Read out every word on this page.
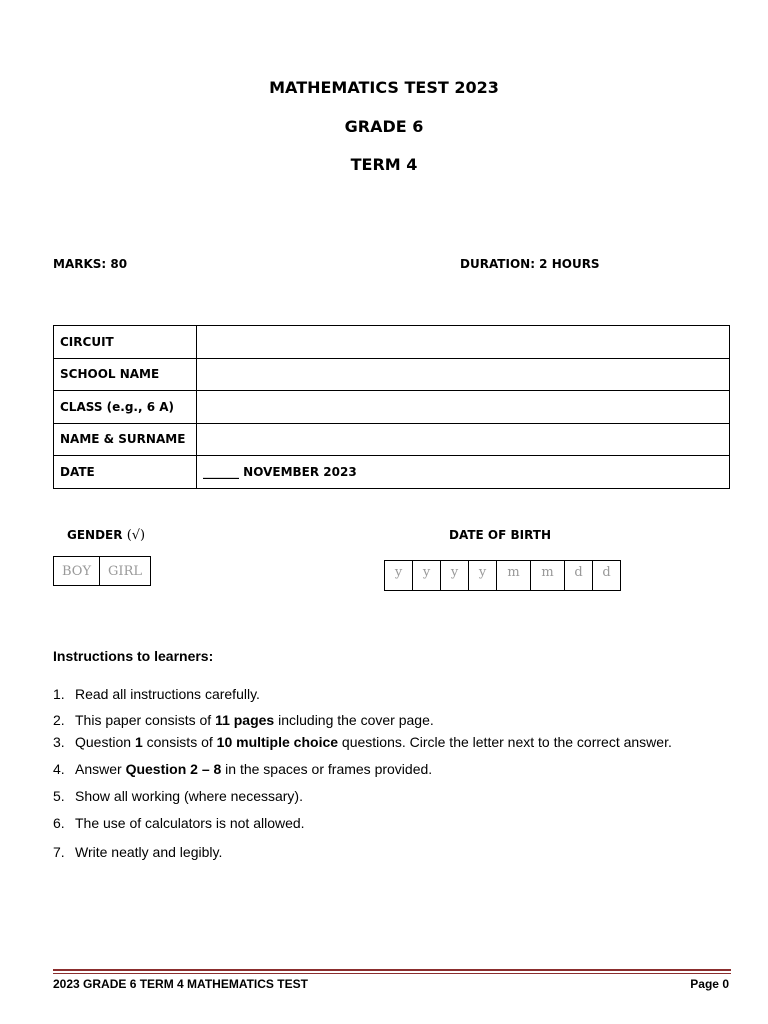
MATHEMATICS TEST 2023
GRADE 6
TERM 4
MARKS: 80	DURATION: 2 HOURS
CIRCUIT	
SCHOOL NAME	
CLASS (e.g., 6 A)	
NAME & SURNAME	
DATE	______ NOVEMBER 2023
GENDER (√)
BOY	GIRL
DATE OF BIRTH
y	y	y	y	m	m	d	d
Instructions to learners:
1. Read all instructions carefully.
2. This paper consists of 11 pages including the cover page.
3. Question 1 consists of 10 multiple choice questions. Circle the letter next to the correct answer.
4. Answer Question 2 – 8 in the spaces or frames provided.
5. Show all working (where necessary).
6. The use of calculators is not allowed.
7. Write neatly and legibly.
2023 GRADE 6 TERM 4 MATHEMATICS TEST	Page 0
